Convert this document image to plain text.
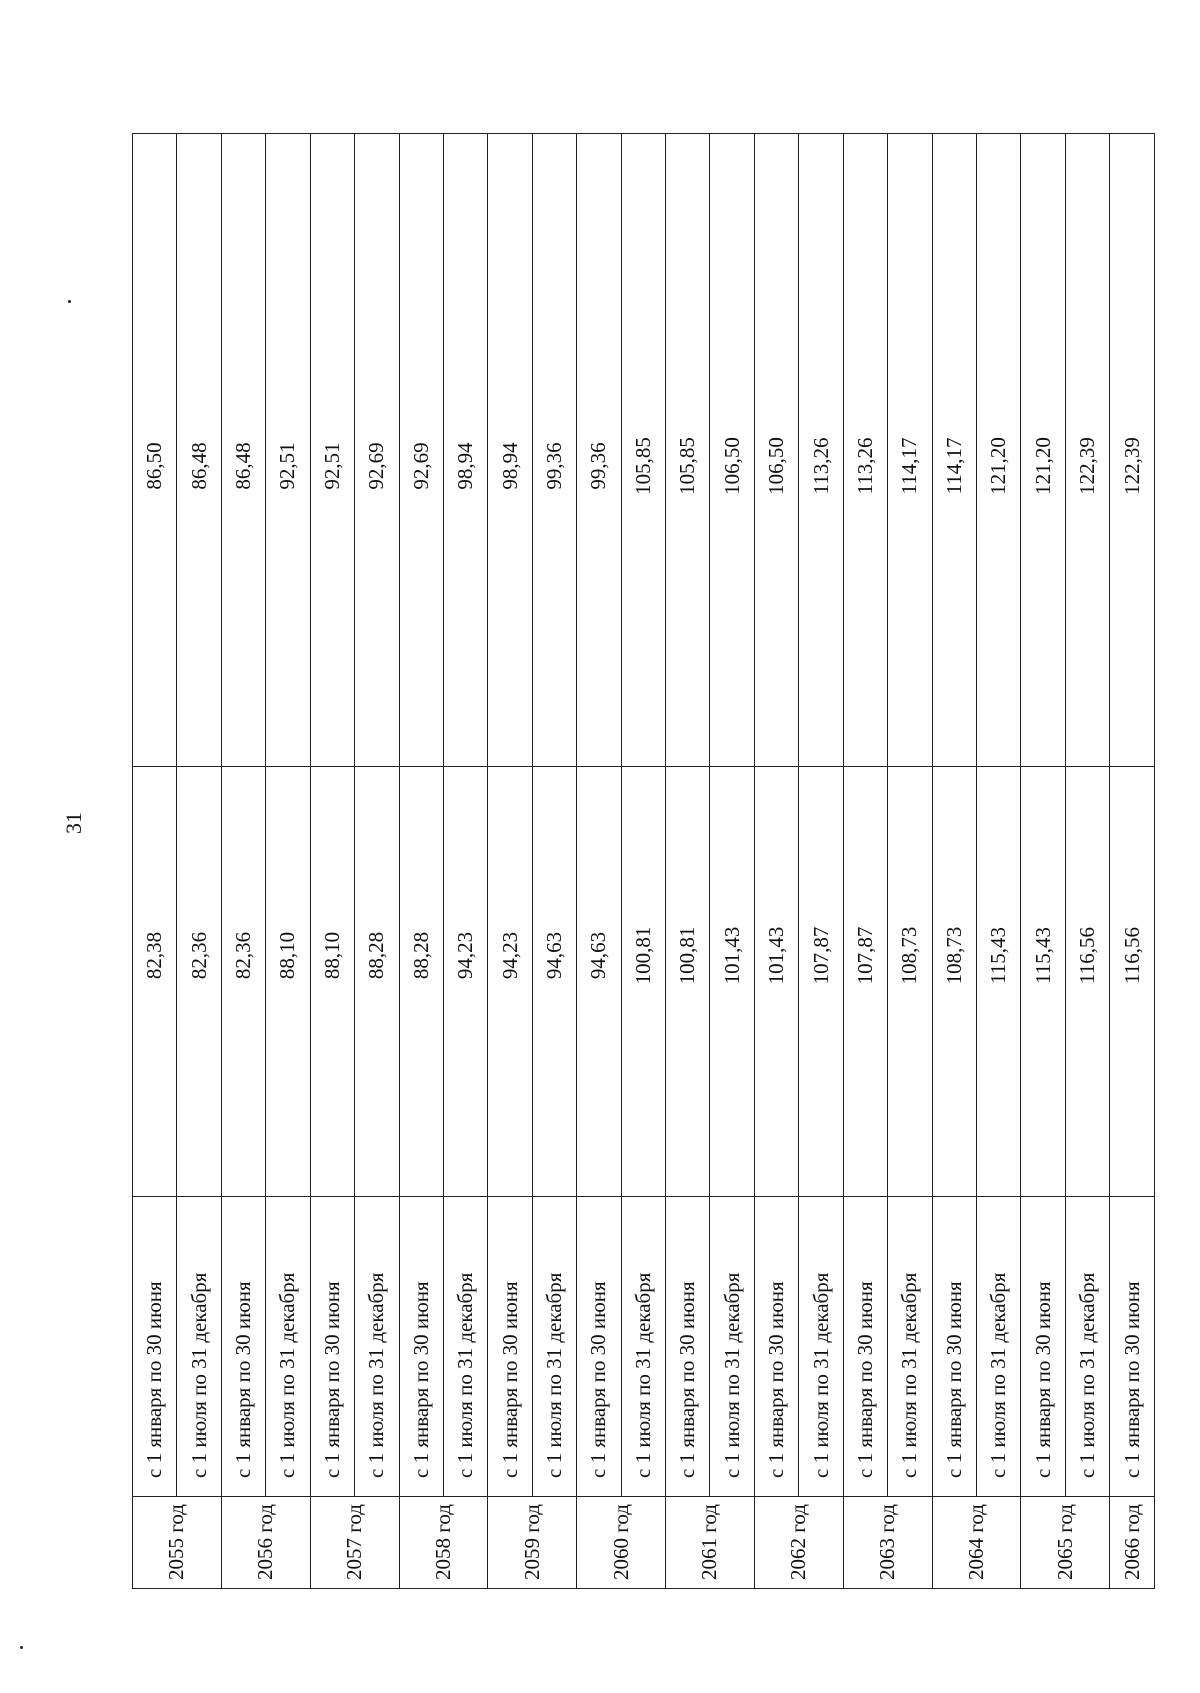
31
2055 год	с 1 января по 30 июня	82,38	86,50
	с 1 июля по 31 декабря	82,36	86,48
2056 год	с 1 января по 30 июня	82,36	86,48
	с 1 июля по 31 декабря	88,10	92,51
2057 год	с 1 января по 30 июня	88,10	92,51
	с 1 июля по 31 декабря	88,28	92,69
2058 год	с 1 января по 30 июня	88,28	92,69
	с 1 июля по 31 декабря	94,23	98,94
2059 год	с 1 января по 30 июня	94,23	98,94
	с 1 июля по 31 декабря	94,63	99,36
2060 год	с 1 января по 30 июня	94,63	99,36
	с 1 июля по 31 декабря	100,81	105,85
2061 год	с 1 января по 30 июня	100,81	105,85
	с 1 июля по 31 декабря	101,43	106,50
2062 год	с 1 января по 30 июня	101,43	106,50
	с 1 июля по 31 декабря	107,87	113,26
2063 год	с 1 января по 30 июня	107,87	113,26
	с 1 июля по 31 декабря	108,73	114,17
2064 год	с 1 января по 30 июня	108,73	114,17
	с 1 июля по 31 декабря	115,43	121,20
2065 год	с 1 января по 30 июня	115,43	121,20
	с 1 июля по 31 декабря	116,56	122,39
2066 год	с 1 января по 30 июня	116,56	122,39
